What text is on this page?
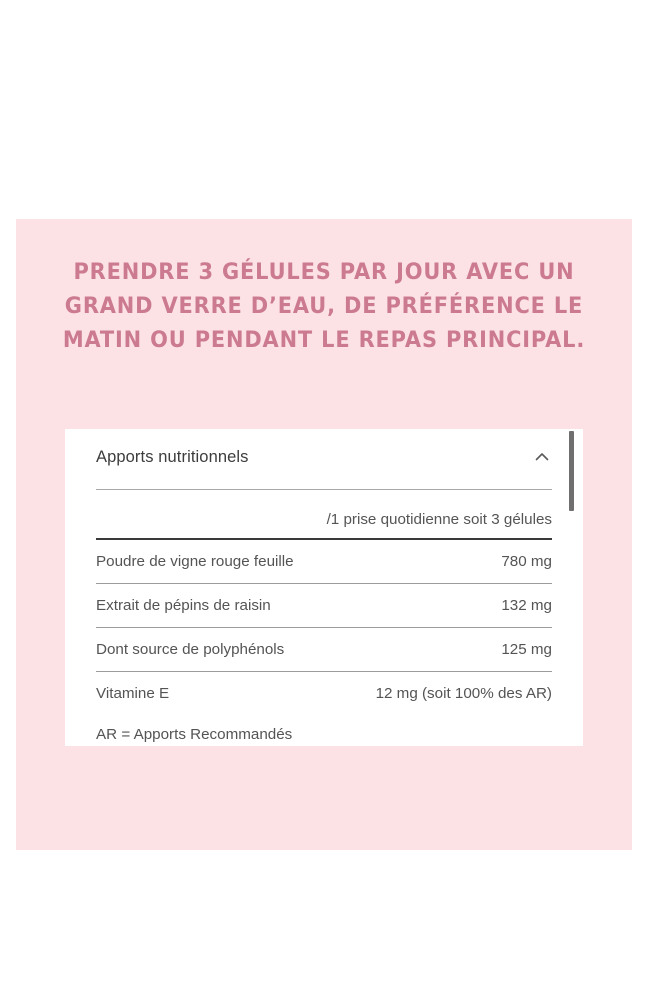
PRENDRE 3 GÉLULES PAR JOUR AVEC UN GRAND VERRE D’EAU, DE PRÉFÉRENCE LE MATIN OU PENDANT LE REPAS PRINCIPAL.
Apports nutritionnels
/1 prise quotidienne soit 3 gélules
Poudre de vigne rouge feuille	780 mg
Extrait de pépins de raisin	132 mg
Dont source de polyphénols	125 mg
Vitamine E	12 mg (soit 100% des AR)
AR = Apports Recommandés
